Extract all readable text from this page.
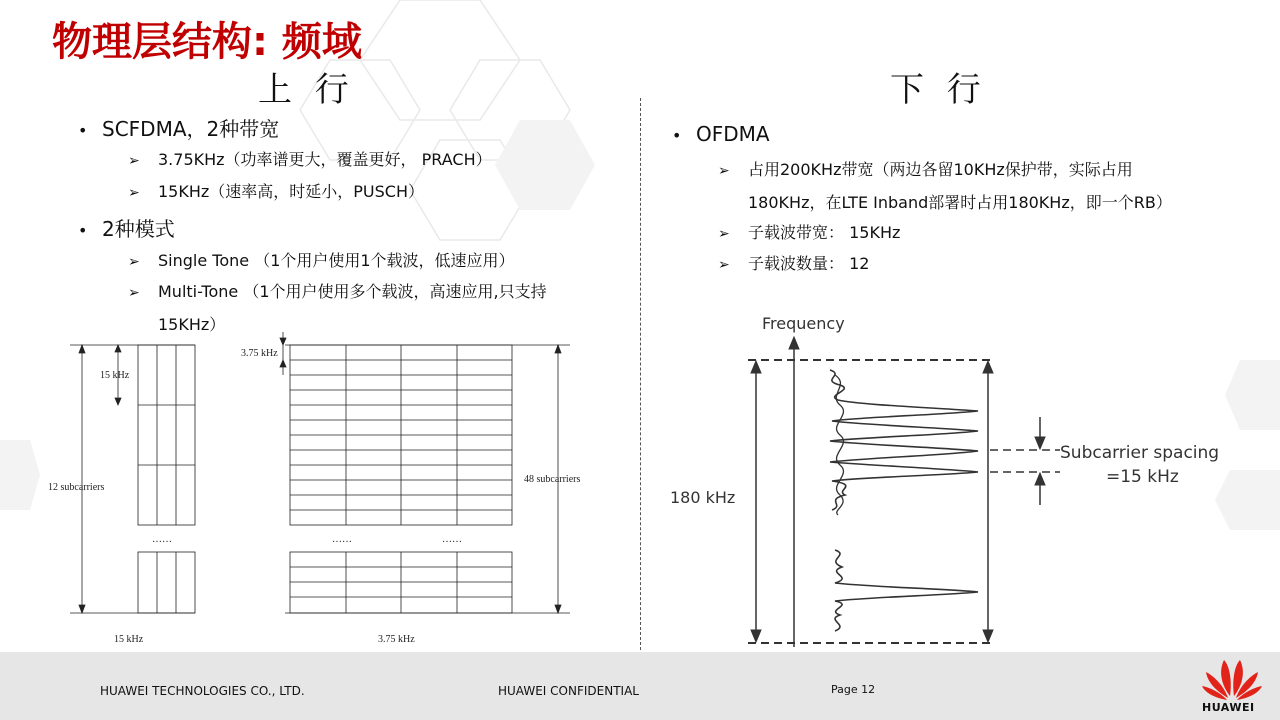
物理层结构: 频域
上 行	下 行
• SCFDMA，2种带宽
➢ 3.75KHz（功率谱更大，覆盖更好， PRACH）
➢ 15KHz（速率高，时延小，PUSCH）
• 2种模式
➢ Single Tone （1个用户使用1个载波，低速应用）
➢ Multi-Tone （1个用户使用多个载波，高速应用,只支持
15KHz）
• OFDMA
➢ 占用200KHz带宽（两边各留10KHz保护带，实际占用
180KHz，在LTE Inband部署时占用180KHz，即一个RB）
➢ 子载波带宽： 15KHz
➢ 子载波数量： 12
15 kHz
12 subcarriers
……
3.75 kHz
48 subcarriers
……	……
15 kHz	3.75 kHz
Frequency
180 kHz
Subcarrier spacing
=15 kHz
HUAWEI TECHNOLOGIES CO., LTD.	HUAWEI CONFIDENTIAL	Page 12
HUAWEI
